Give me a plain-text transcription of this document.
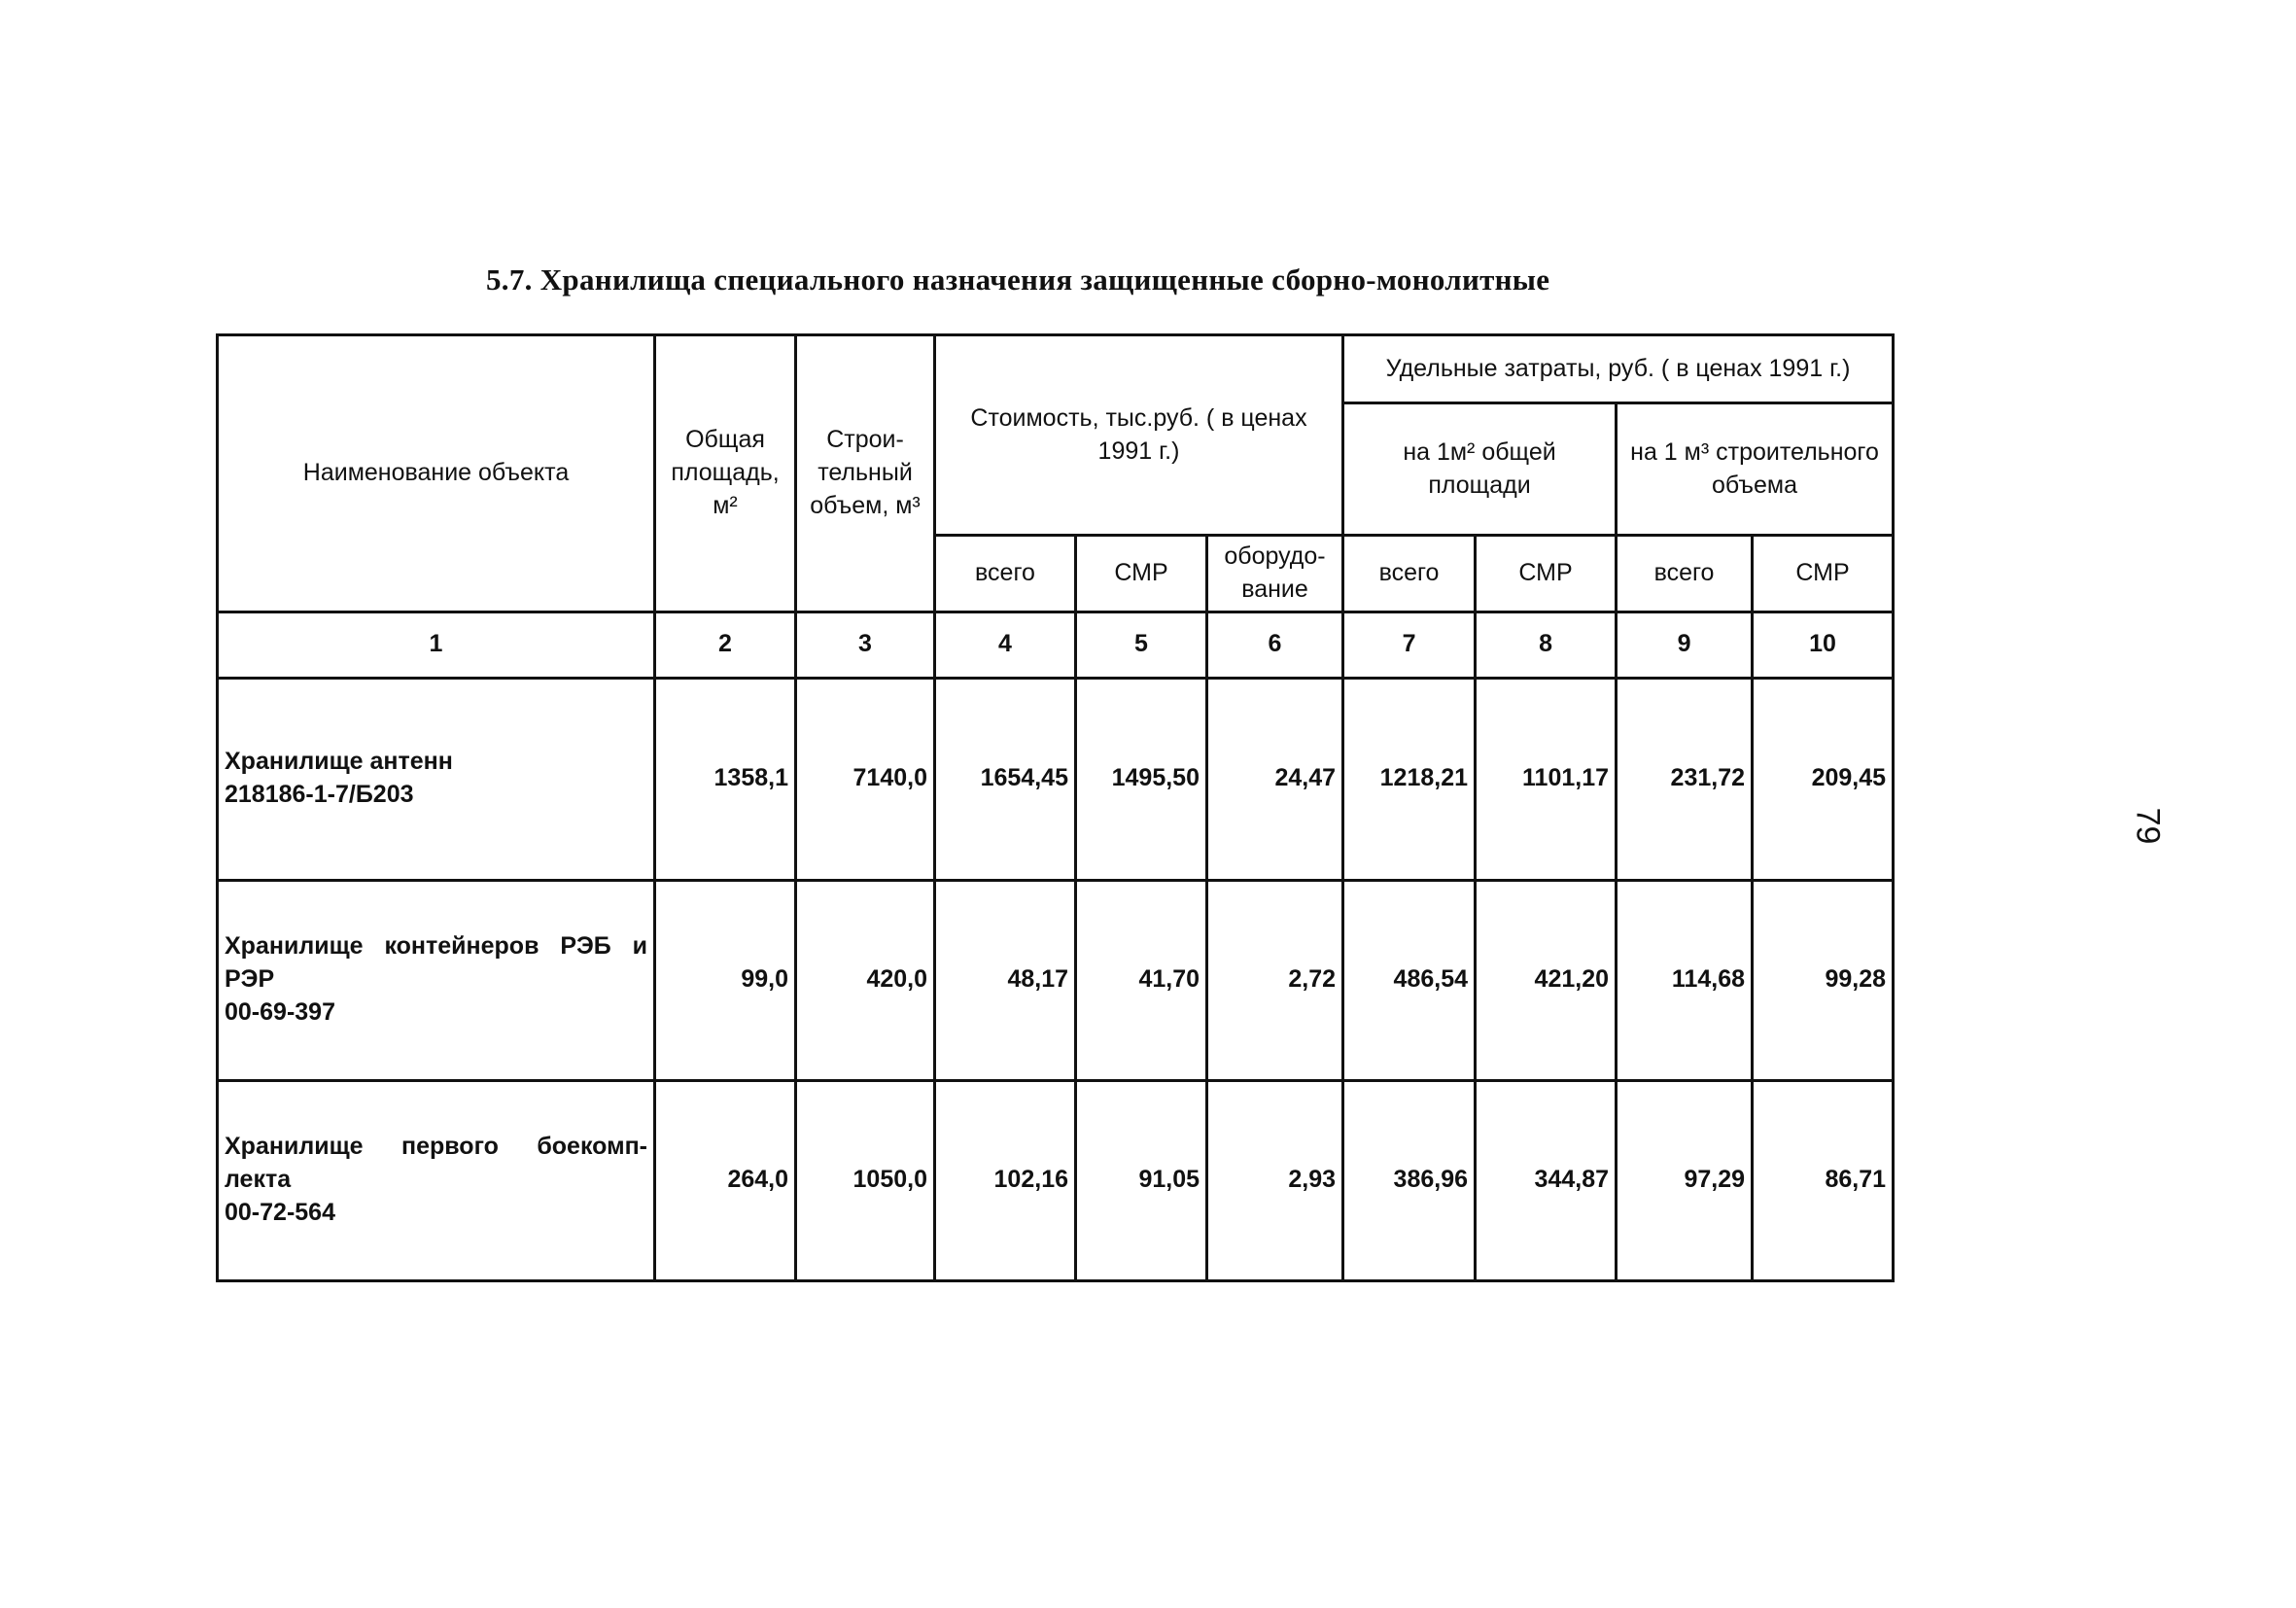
5.7. Хранилища специального назначения защищенные сборно-монолитные
79
Наименование объекта	Общая площадь, м²	Строи-тельный объем, м³	Стоимость, тыс.руб. ( в ценах 1991 г.)			Удельные затраты, руб. ( в ценах 1991 г.)			
						на 1м² общей площади		на 1 м³ строительного объема	
			всего	СМР	оборудо-вание	всего	СМР	всего	СМР
1	2	3	4	5	6	7	8	9	10

Хранилище антенн
218186-1-7/Б203	1358,1	7140,0	1654,45	1495,50	24,47	1218,21	1101,17	231,72	209,45

Хранилище контейнеров РЭБ и
РЭР
00-69-397	99,0	420,0	48,17	41,70	2,72	486,54	421,20	114,68	99,28

Хранилище первого боекомп-
лекта
00-72-564	264,0	1050,0	102,16	91,05	2,93	386,96	344,87	97,29	86,71
